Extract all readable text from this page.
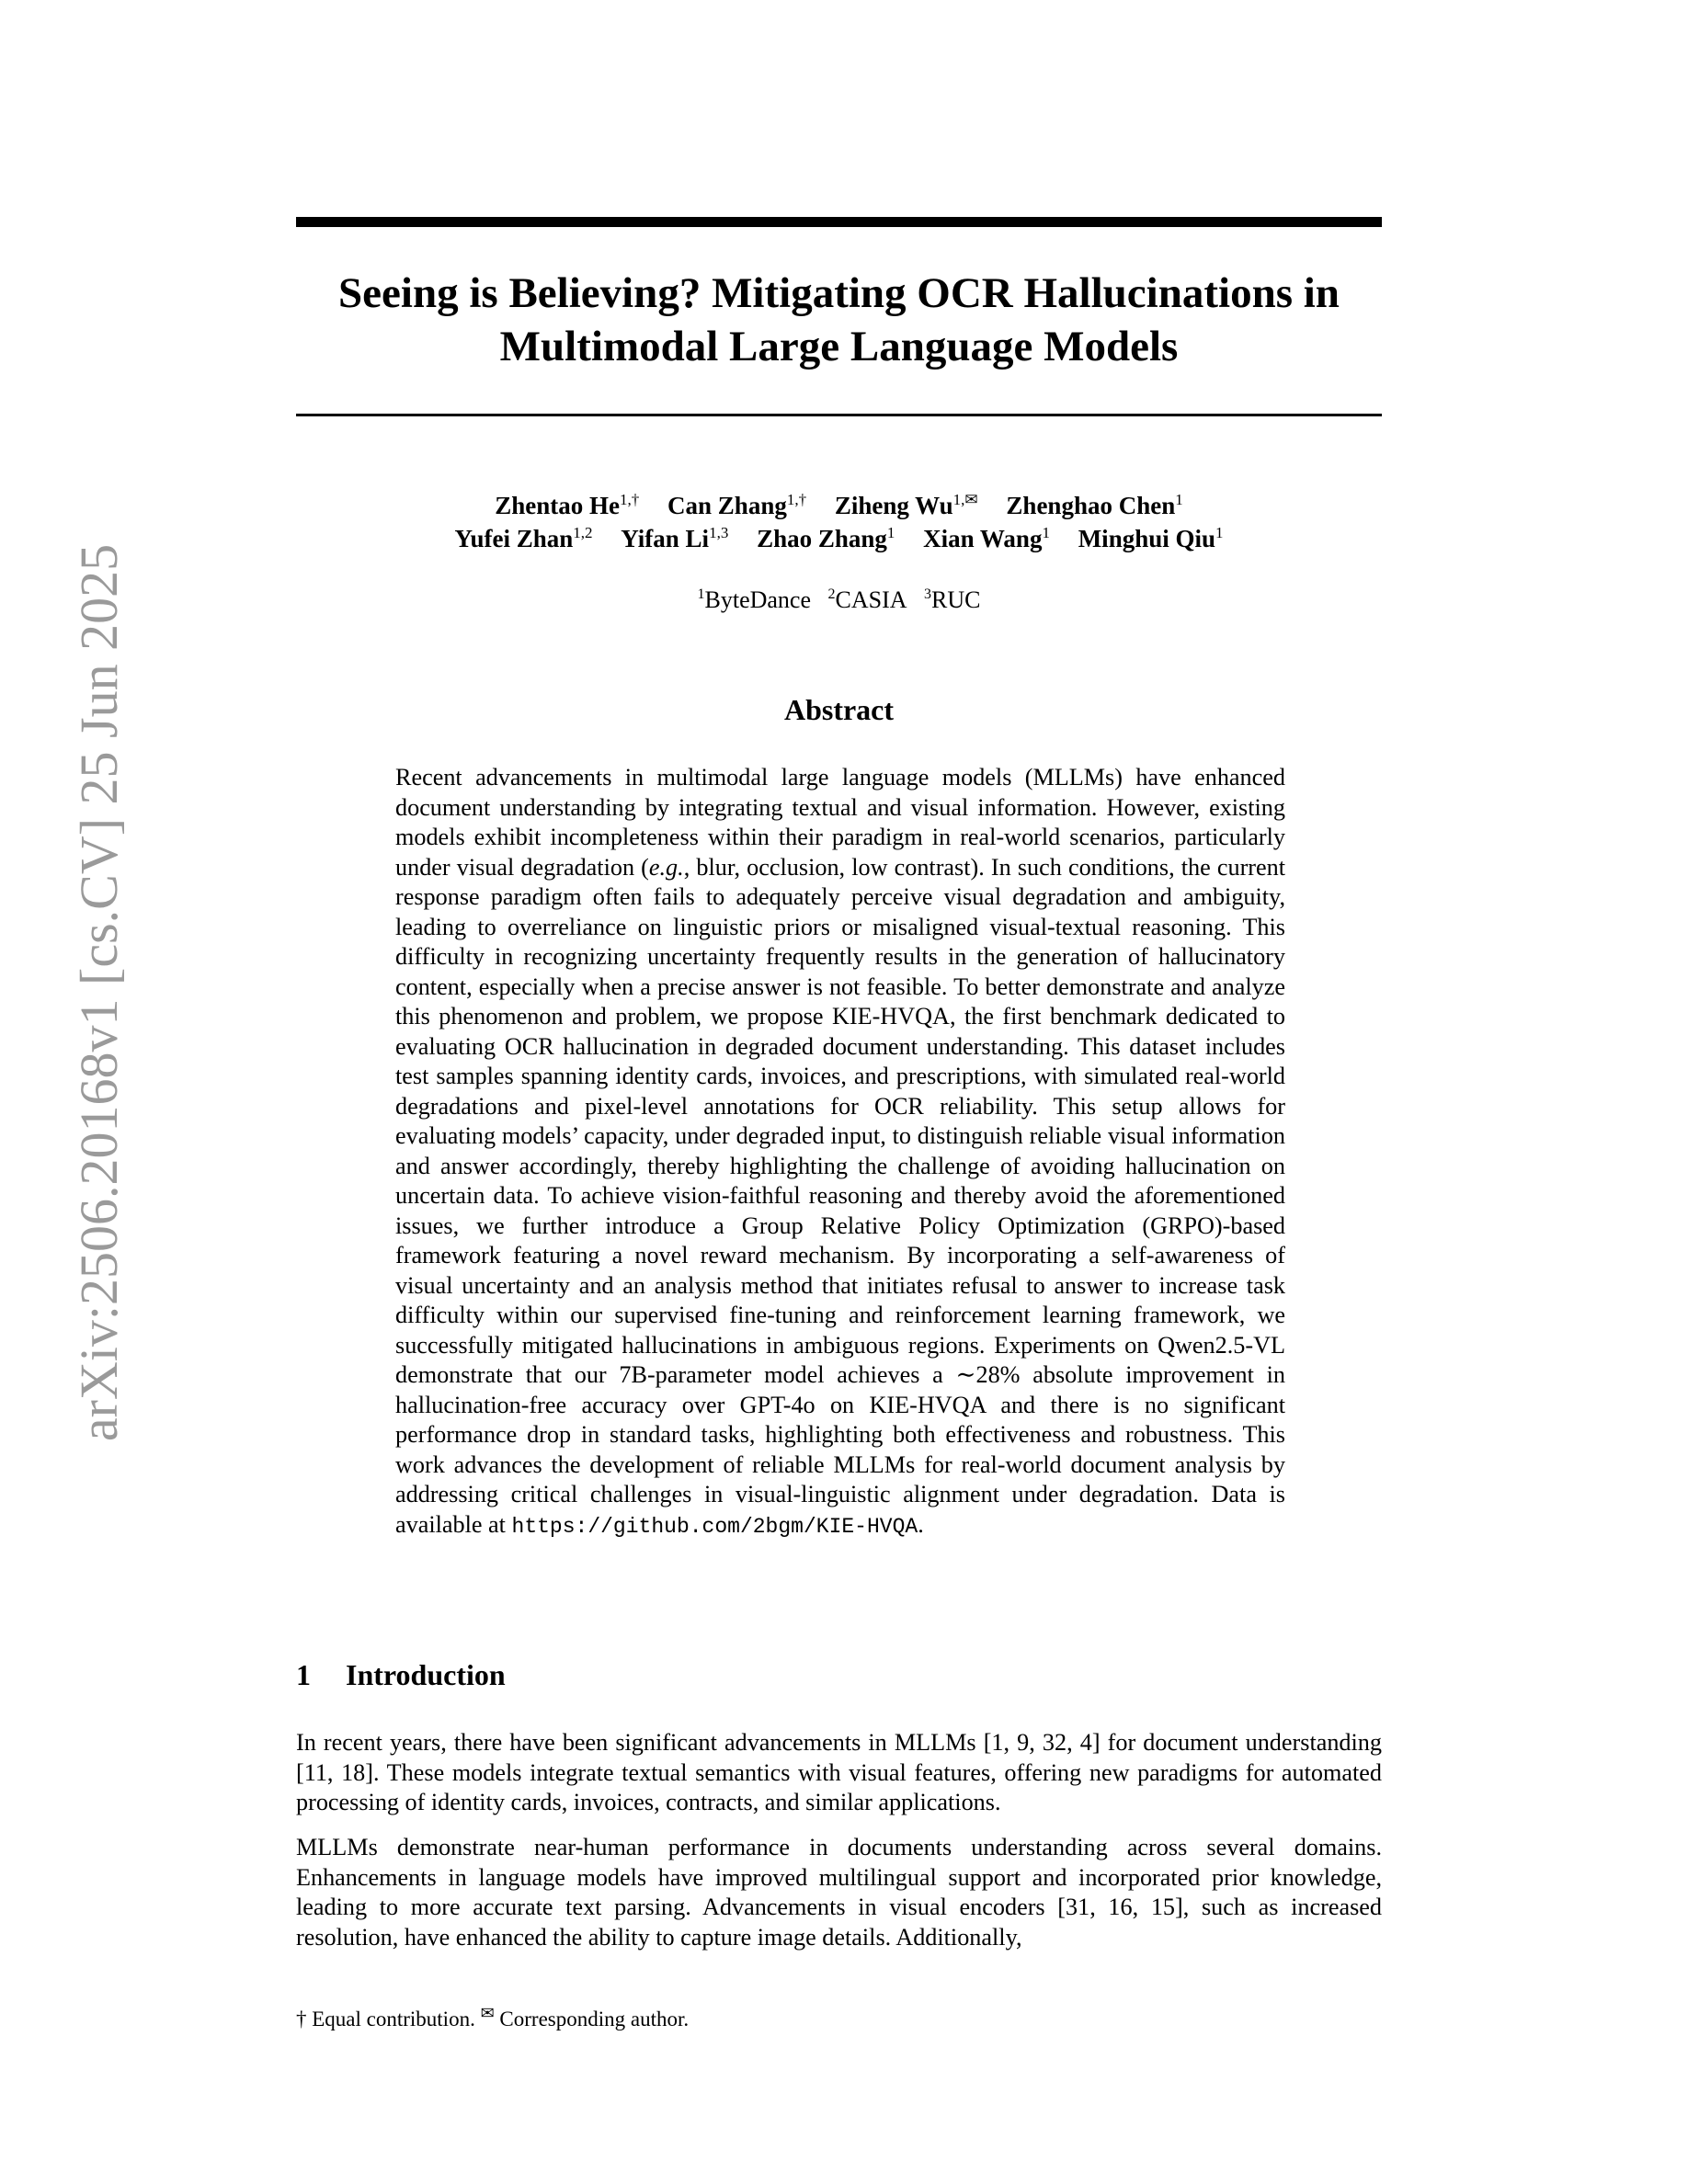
arXiv:2506.20168v1 [cs.CV] 25 Jun 2025
Seeing is Believing? Mitigating OCR Hallucinations in
Multimodal Large Language Models
Zhentao $He^{1,\dagger}$ Can Zhang$^{1,\dagger}$ Ziheng $Wu^{1,✉}$ Zhenghao Chen$^1$
Yufei Zhan$^{1,2}$ Yifan Li$^{1,3}$ Zhao Zhang$^1$ Xian Wang$^1$ Minghui Qiu$^1$
$^1$ByteDance $^2$CASIA $^3$RUC
Abstract

Recent advancements in multimodal large language models (MLLMs) have enhanced document understanding by integrating textual and visual information. However, existing models exhibit incompleteness within their paradigm in real-world scenarios, particularly under visual degradation (e.g., blur, occlusion, low contrast). In such conditions, the current response paradigm often fails to adequately perceive visual degradation and ambiguity, leading to overreliance on linguistic priors or misaligned visual-textual reasoning. This difficulty in recognizing uncertainty frequently results in the generation of hallucinatory content, especially when a precise answer is not feasible. To better demonstrate and analyze this phenomenon and problem, we propose KIE-HVQA, the first benchmark dedicated to evaluating OCR hallucination in degraded document understanding. This dataset includes test samples spanning identity cards, invoices, and prescriptions, with simulated real-world degradations and pixel-level annotations for OCR reliability. This setup allows for evaluating models’ capacity, under degraded input, to distinguish reliable visual information and answer accordingly, thereby highlighting the challenge of avoiding hallucination on uncertain data. To achieve vision-faithful reasoning and thereby avoid the aforementioned issues, we further introduce a Group Relative Policy Optimization (GRPO)-based framework featuring a novel reward mechanism. By incorporating a self-awareness of visual uncertainty and an analysis method that initiates refusal to answer to increase task difficulty within our supervised fine-tuning and reinforcement learning framework, we successfully mitigated hallucinations in ambiguous regions. Experiments on Qwen2.5-VL demonstrate that our 7B-parameter model achieves a ∼28% absolute improvement in hallucination-free accuracy over GPT-4o on KIE-HVQA and there is no significant performance drop in standard tasks, highlighting both effectiveness and robustness. This work advances the development of reliable MLLMs for real-world document analysis by addressing critical challenges in visual-linguistic alignment under degradation. Data is available at https://github.com/2bgm/KIE-HVQA.

1 Introduction

In recent years, there have been significant advancements in MLLMs [1, 9, 32, 4] for document understanding [11, 18]. These models integrate textual semantics with visual features, offering new paradigms for automated processing of identity cards, invoices, contracts, and similar applications.

MLLMs demonstrate near-human performance in documents understanding across several domains. Enhancements in language models have improved multilingual support and incorporated prior knowledge, leading to more accurate text parsing. Advancements in visual encoders [31, 16, 15], such as increased resolution, have enhanced the ability to capture image details. Additionally,

† Equal contribution. ✉ Corresponding author.
